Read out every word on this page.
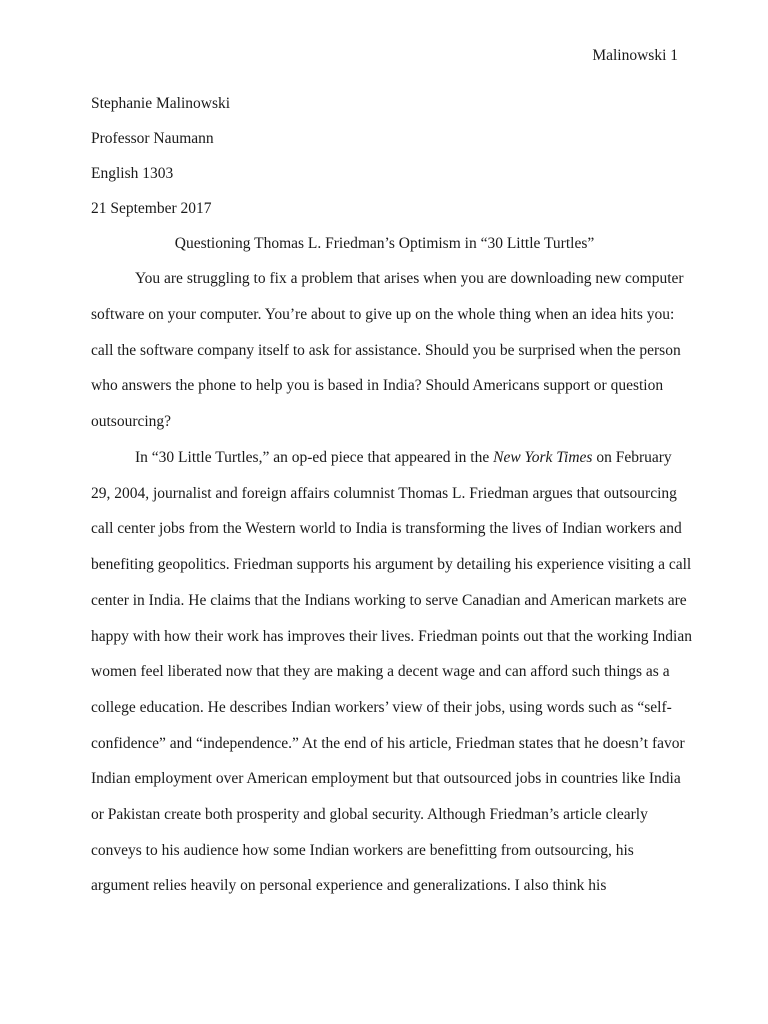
Malinowski 1
Stephanie Malinowski
Professor Naumann
English 1303
21 September 2017
Questioning Thomas L. Friedman’s Optimism in “30 Little Turtles”
You are struggling to fix a problem that arises when you are downloading new computer
software on your computer. You’re about to give up on the whole thing when an idea hits you:
call the software company itself to ask for assistance. Should you be surprised when the person
who answers the phone to help you is based in India? Should Americans support or question
outsourcing?
In “30 Little Turtles,” an op-ed piece that appeared in the New York Times on February
29, 2004, journalist and foreign affairs columnist Thomas L. Friedman argues that outsourcing
call center jobs from the Western world to India is transforming the lives of Indian workers and
benefiting geopolitics. Friedman supports his argument by detailing his experience visiting a call
center in India. He claims that the Indians working to serve Canadian and American markets are
happy with how their work has improves their lives. Friedman points out that the working Indian
women feel liberated now that they are making a decent wage and can afford such things as a
college education. He describes Indian workers’ view of their jobs, using words such as “self-
confidence” and “independence.” At the end of his article, Friedman states that he doesn’t favor
Indian employment over American employment but that outsourced jobs in countries like India
or Pakistan create both prosperity and global security. Although Friedman’s article clearly
conveys to his audience how some Indian workers are benefitting from outsourcing, his
argument relies heavily on personal experience and generalizations. I also think his
